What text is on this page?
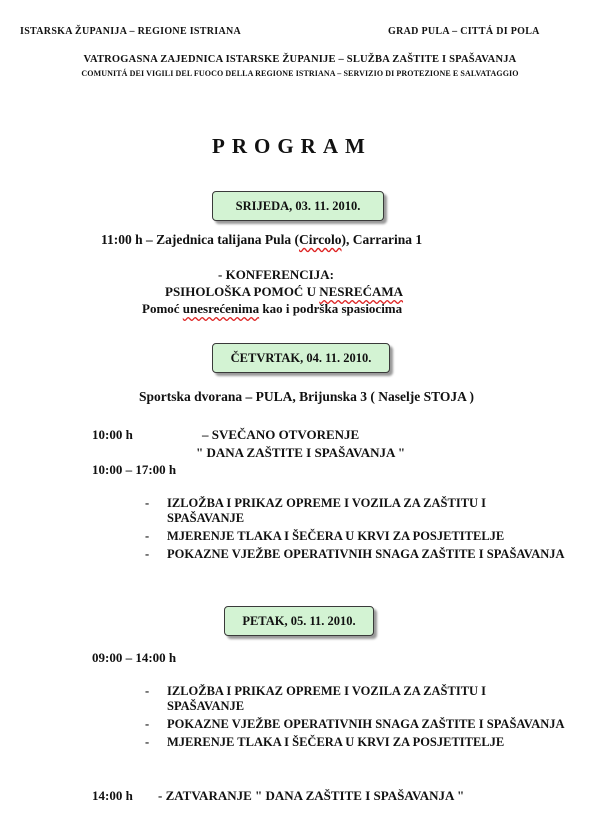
ISTARSKA ŽUPANIJA – REGIONE ISTRIANA	GRAD PULA – CITTÁ DI POLA
VATROGASNA ZAJEDNICA ISTARSKE ŽUPANIJE – SLUŽBA ZAŠTITE I SPAŠAVANJA
COMUNITÁ DEI VIGILI DEL FUOCO DELLA REGIONE ISTRIANA – SERVIZIO DI PROTEZIONE E SALVATAGGIO
PROGRAM
SRIJEDA, 03. 11. 2010.
11:00 h – Zajednica talijana Pula (Circolo), Carrarina 1
- KONFERENCIJA:
PSIHOLOŠKA POMOĆ U NESREĆAMA
Pomoć unesrećenima kao i podrška spasiocima
ČETVRTAK, 04. 11. 2010.
Sportska dvorana – PULA, Brijunska 3 ( Naselje STOJA )
10:00 h	– SVEČANO OTVORENJE
" DANA ZAŠTITE I SPAŠAVANJA "
10:00 – 17:00 h
- IZLOŽBA I PRIKAZ OPREME I VOZILA ZA ZAŠTITU I SPAŠAVANJE
- MJERENJE TLAKA I ŠEČERA U KRVI ZA POSJETITELJE
- POKAZNE VJEŽBE OPERATIVNIH SNAGA ZAŠTITE I SPAŠAVANJA
PETAK, 05. 11. 2010.
09:00 – 14:00 h
- IZLOŽBA I PRIKAZ OPREME I VOZILA ZA ZAŠTITU I SPAŠAVANJE
- POKAZNE VJEŽBE OPERATIVNIH SNAGA ZAŠTITE I SPAŠAVANJA
- MJERENJE TLAKA I ŠEČERA U KRVI ZA POSJETITELJE
14:00 h - ZATVARANJE " DANA ZAŠTITE I SPAŠAVANJA "
